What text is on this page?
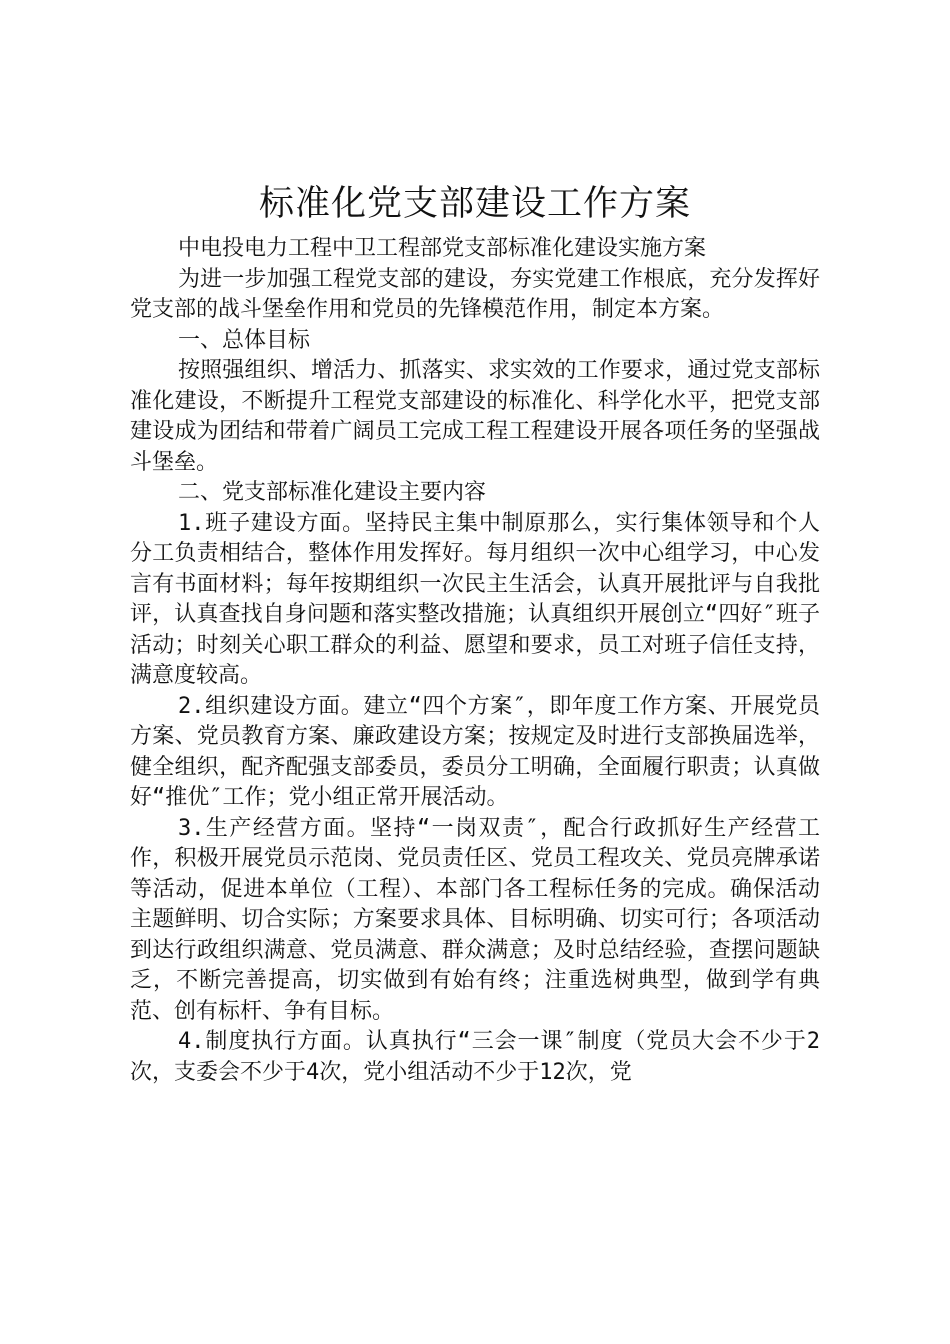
标准化党支部建设工作方案

中电投电力工程中卫工程部党支部标准化建设实施方案

为进一步加强工程党支部的建设，夯实党建工作根底，充分发挥好党支部的战斗堡垒作用和党员的先锋模范作用，制定本方案。

一、总体目标

按照强组织、增活力、抓落实、求实效的工作要求，通过党支部标准化建设，不断提升工程党支部建设的标准化、科学化水平，把党支部建设成为团结和带着广阔员工完成工程工程建设开展各项任务的坚强战斗堡垒。

二、党支部标准化建设主要内容

1.班子建设方面。坚持民主集中制原那么，实行集体领导和个人分工负责相结合，整体作用发挥好。每月组织一次中心组学习，中心发言有书面材料；每年按期组织一次民主生活会，认真开展批评与自我批评，认真查找自身问题和落实整改措施；认真组织开展创立“四好″班子活动；时刻关心职工群众的利益、愿望和要求，员工对班子信任支持，满意度较高。

2.组织建设方面。建立“四个方案″，即年度工作方案、开展党员方案、党员教育方案、廉政建设方案；按规定及时进行支部换届选举，健全组织，配齐配强支部委员，委员分工明确，全面履行职责；认真做好“推优″工作；党小组正常开展活动。

3.生产经营方面。坚持“一岗双责″，配合行政抓好生产经营工作，积极开展党员示范岗、党员责任区、党员工程攻关、党员亮牌承诺等活动，促进本单位（工程）、本部门各工程标任务的完成。确保活动主题鲜明、切合实际；方案要求具体、目标明确、切实可行；各项活动到达行政组织满意、党员满意、群众满意；及时总结经验，查摆问题缺乏，不断完善提高，切实做到有始有终；注重选树典型，做到学有典范、创有标杆、争有目标。

4.制度执行方面。认真执行“三会一课″制度（党员大会不少于2次，支委会不少于4次，党小组活动不少于12次，党
